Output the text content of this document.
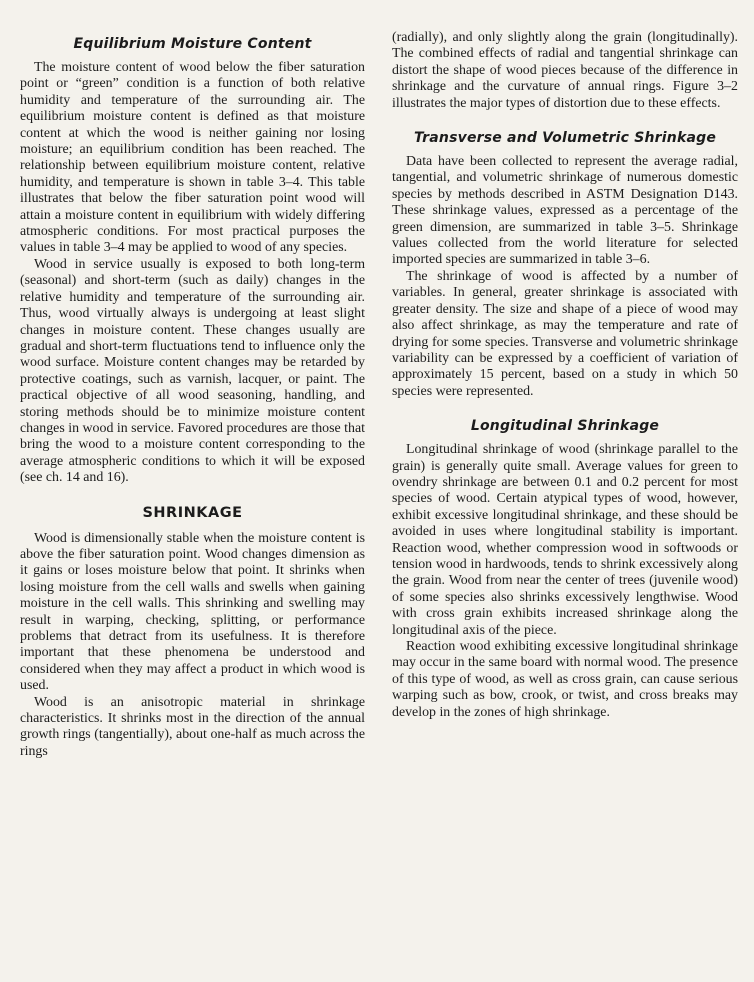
Equilibrium Moisture Content

The moisture content of wood below the fiber saturation point or “green” condition is a function of both relative humidity and temperature of the surrounding air. The equilibrium moisture content is defined as that moisture content at which the wood is neither gaining nor losing moisture; an equilibrium condition has been reached. The relationship between equilibrium moisture content, relative humidity, and temperature is shown in table 3–4. This table illustrates that below the fiber saturation point wood will attain a moisture content in equilibrium with widely differing atmospheric conditions. For most practical purposes the values in table 3–4 may be applied to wood of any species.

Wood in service usually is exposed to both long-term (seasonal) and short-term (such as daily) changes in the relative humidity and temperature of the surrounding air. Thus, wood virtually always is undergoing at least slight changes in moisture content. These changes usually are gradual and short-term fluctuations tend to influence only the wood surface. Moisture content changes may be retarded by protective coatings, such as varnish, lacquer, or paint. The practical objective of all wood seasoning, handling, and storing methods should be to minimize moisture content changes in wood in service. Favored procedures are those that bring the wood to a moisture content corresponding to the average atmospheric conditions to which it will be exposed (see ch. 14 and 16).

SHRINKAGE

Wood is dimensionally stable when the moisture content is above the fiber saturation point. Wood changes dimension as it gains or loses moisture below that point. It shrinks when losing moisture from the cell walls and swells when gaining moisture in the cell walls. This shrinking and swelling may result in warping, checking, splitting, or performance problems that detract from its usefulness. It is therefore important that these phenomena be understood and considered when they may affect a product in which wood is used.

Wood is an anisotropic material in shrinkage characteristics. It shrinks most in the direction of the annual growth rings (tangentially), about one-half as much across the rings

(radially), and only slightly along the grain (longitudinally). The combined effects of radial and tangential shrinkage can distort the shape of wood pieces because of the difference in shrinkage and the curvature of annual rings. Figure 3–2 illustrates the major types of distortion due to these effects.

Transverse and Volumetric Shrinkage

Data have been collected to represent the average radial, tangential, and volumetric shrinkage of numerous domestic species by methods described in ASTM Designation D143. These shrinkage values, expressed as a percentage of the green dimension, are summarized in table 3–5. Shrinkage values collected from the world literature for selected imported species are summarized in table 3–6.

The shrinkage of wood is affected by a number of variables. In general, greater shrinkage is associated with greater density. The size and shape of a piece of wood may also affect shrinkage, as may the temperature and rate of drying for some species. Transverse and volumetric shrinkage variability can be expressed by a coefficient of variation of approximately 15 percent, based on a study in which 50 species were represented.

Longitudinal Shrinkage

Longitudinal shrinkage of wood (shrinkage parallel to the grain) is generally quite small. Average values for green to ovendry shrinkage are between 0.1 and 0.2 percent for most species of wood. Certain atypical types of wood, however, exhibit excessive longitudinal shrinkage, and these should be avoided in uses where longitudinal stability is important. Reaction wood, whether compression wood in softwoods or tension wood in hardwoods, tends to shrink excessively along the grain. Wood from near the center of trees (juvenile wood) of some species also shrinks excessively lengthwise. Wood with cross grain exhibits increased shrinkage along the longitudinal axis of the piece.

Reaction wood exhibiting excessive longitudinal shrinkage may occur in the same board with normal wood. The presence of this type of wood, as well as cross grain, can cause serious warping such as bow, crook, or twist, and cross breaks may develop in the zones of high shrinkage.
